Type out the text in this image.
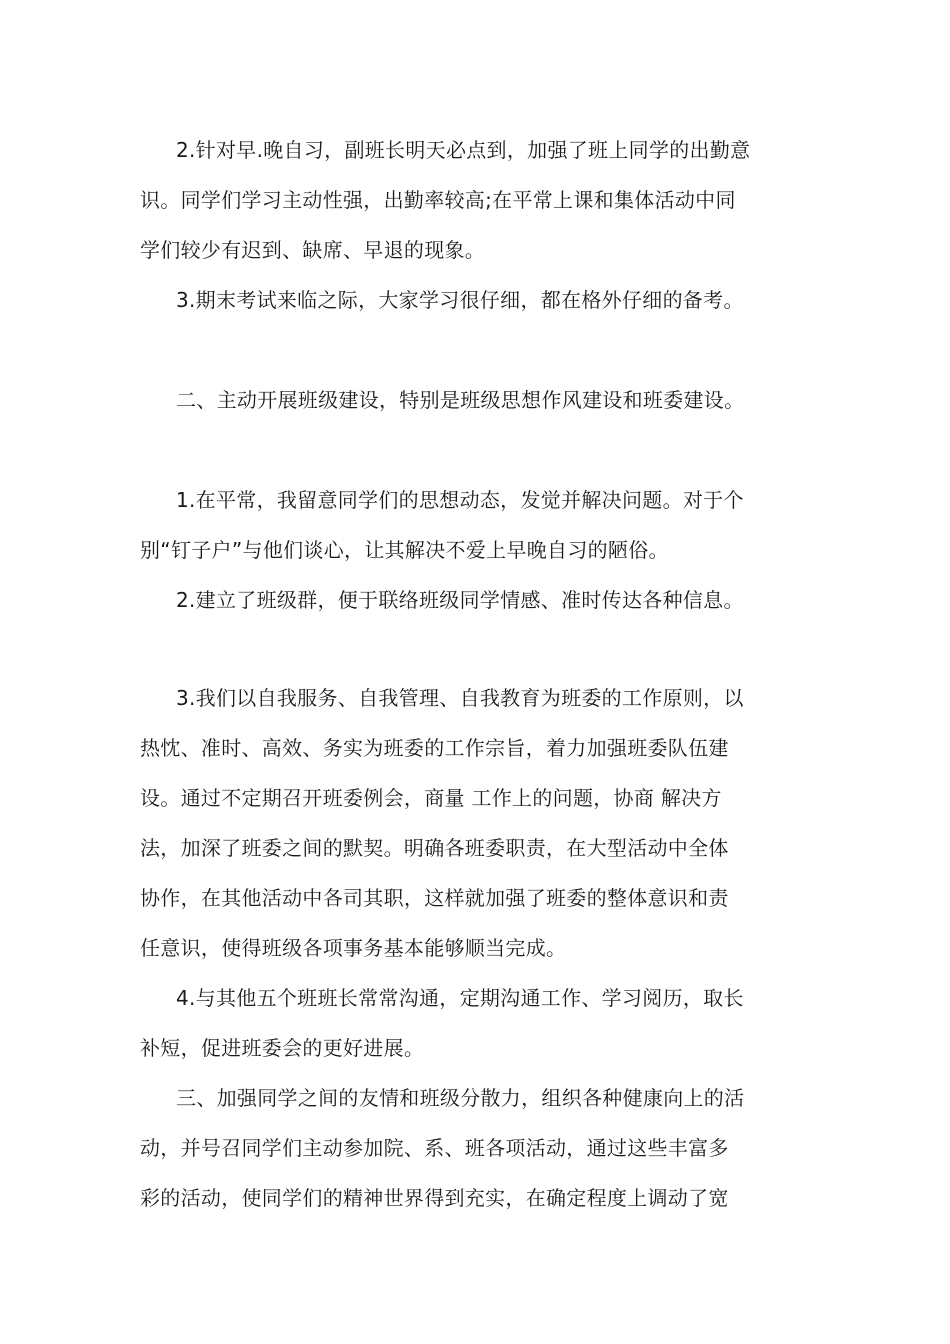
2.针对早.晚自习，副班长明天必点到，加强了班上同学的出勤意

识。同学们学习主动性强，出勤率较高;在平常上课和集体活动中同

学们较少有迟到、缺席、早退的现象。

3.期末考试来临之际，大家学习很仔细，都在格外仔细的备考。

二、主动开展班级建设，特别是班级思想作风建设和班委建设。

1.在平常，我留意同学们的思想动态，发觉并解决问题。对于个

别“钉子户”与他们谈心，让其解决不爱上早晚自习的陋俗。

2.建立了班级群，便于联络班级同学情感、准时传达各种信息。

3.我们以自我服务、自我管理、自我教育为班委的工作原则，以

热忱、准时、高效、务实为班委的工作宗旨，着力加强班委队伍建

设。通过不定期召开班委例会，商量 工作上的问题，协商 解决方

法，加深了班委之间的默契。明确各班委职责，在大型活动中全体

协作，在其他活动中各司其职，这样就加强了班委的整体意识和责

任意识，使得班级各项事务基本能够顺当完成。

4.与其他五个班班长常常沟通，定期沟通工作、学习阅历，取长

补短，促进班委会的更好进展。

三、加强同学之间的友情和班级分散力，组织各种健康向上的活

动，并号召同学们主动参加院、系、班各项活动，通过这些丰富多

彩的活动，使同学们的精神世界得到充实，在确定程度上调动了宽
